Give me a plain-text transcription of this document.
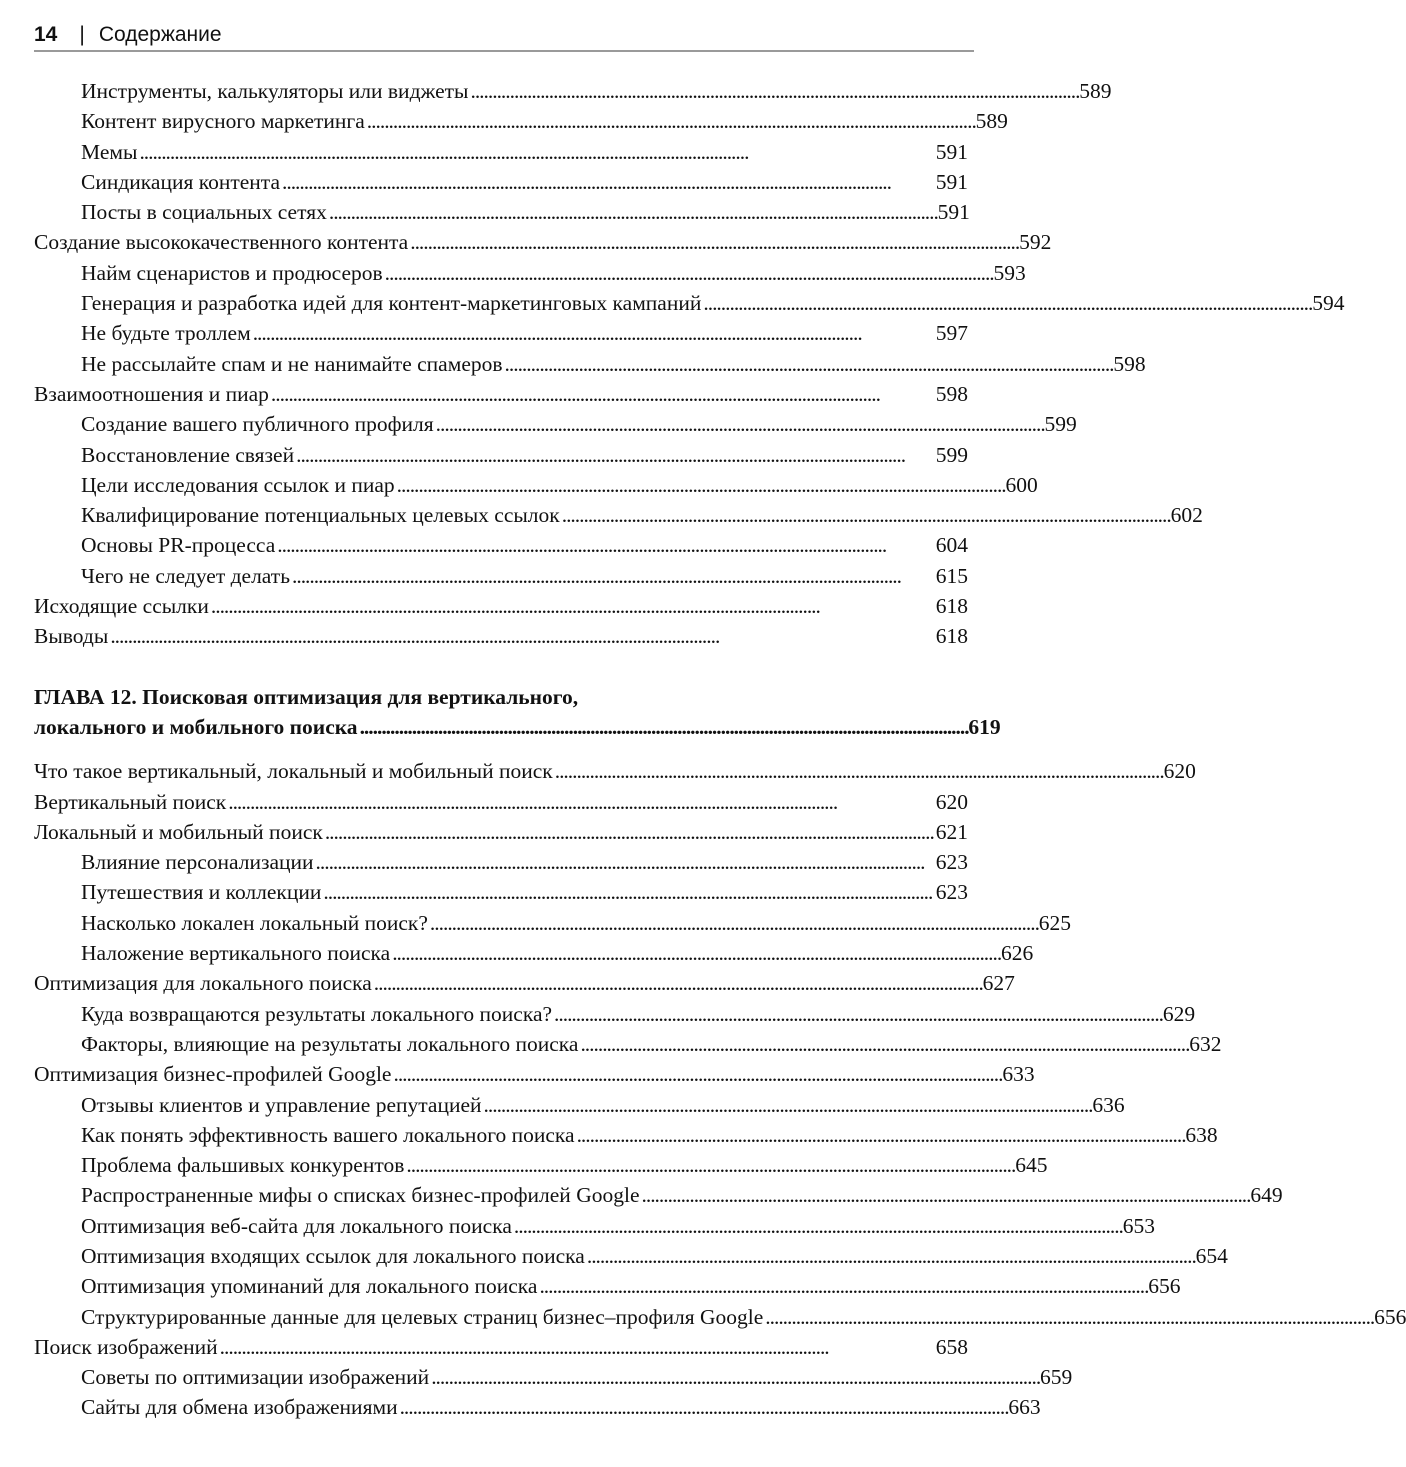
14 | Содержание
Инструменты, калькуляторы или виджеты . . .	589
Контент вирусного маркетинга . . .	589
Мемы . . .	591
Синдикация контента . . .	591
Посты в социальных сетях . . .	591
Создание высококачественного контента . . .	592
Найм сценаристов и продюсеров . . .	593
Генерация и разработка идей для контент-маркетинговых кампаний . . .	594
Не будьте троллем . . .	597
Не рассылайте спам и не нанимайте спамеров . . .	598
Взаимоотношения и пиар . . .	598
Создание вашего публичного профиля . . .	599
Восстановление связей . . .	599
Цели исследования ссылок и пиар . . .	600
Квалифицирование потенциальных целевых ссылок . . .	602
Основы PR-процесса . . .	604
Чего не следует делать . . .	615
Исходящие ссылки . . .	618
Выводы . . .	618
ГЛАВА 12. Поисковая оптимизация для вертикального,
локального и мобильного поиска . . .	619
Что такое вертикальный, локальный и мобильный поиск . . .	620
Вертикальный поиск . . .	620
Локальный и мобильный поиск . . .	621
Влияние персонализации . . .	623
Путешествия и коллекции . . .	623
Насколько локален локальный поиск? . . .	625
Наложение вертикального поиска . . .	626
Оптимизация для локального поиска . . .	627
Куда возвращаются результаты локального поиска? . . .	629
Факторы, влияющие на результаты локального поиска . . .	632
Оптимизация бизнес-профилей Google . . .	633
Отзывы клиентов и управление репутацией . . .	636
Как понять эффективность вашего локального поиска . . .	638
Проблема фальшивых конкурентов . . .	645
Распространенные мифы о списках бизнес-профилей Google . . .	649
Оптимизация веб-сайта для локального поиска . . .	653
Оптимизация входящих ссылок для локального поиска . . .	654
Оптимизация упоминаний для локального поиска . . .	656
Структурированные данные для целевых страниц бизнес–профиля Google . . .	656
Поиск изображений . . .	658
Советы по оптимизации изображений . . .	659
Сайты для обмена изображениями . . .	663
